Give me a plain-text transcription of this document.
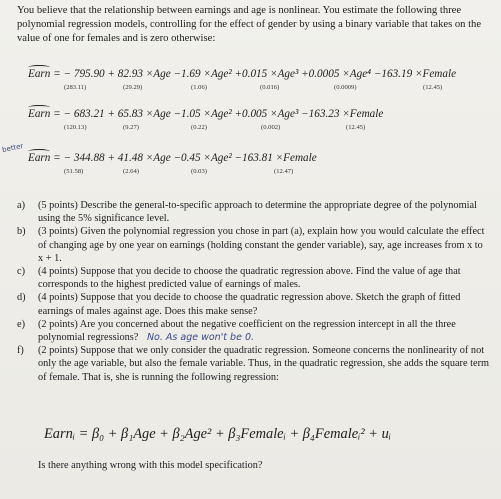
You believe that the relationship between earnings and age is nonlinear. You estimate the following three polynomial regression models, controlling for the effect of gender by using a binary variable that takes on the value of one for females and is zero otherwise:
Earn = − 795.90 + 82.93 ×Age −1.69 ×Age² +0.015 ×Age³ +0.0005 ×Age⁴ −163.19 ×Female
(283.11)	(29.29)	(1.06)	(0.016)	(0.0009)	(12.45)
Earn = − 683.21 + 65.83 ×Age −1.05 ×Age² +0.005 ×Age³ −163.23 ×Female
(120.13)	(9.27)	(0.22)	(0.002)	(12.45)
better
Earn = − 344.88 + 41.48 ×Age −0.45 ×Age² −163.81 ×Female
(51.58)	(2.64)	(0.03)	(12.47)
a) (5 points) Describe the general-to-specific approach to determine the appropriate degree of the polynomial using the 5% significance level.
b) (3 points) Given the polynomial regression you chose in part (a), explain how you would calculate the effect of changing age by one year on earnings (holding constant the gender variable), say, age increases from x to x + 1.
c) (4 points) Suppose that you decide to choose the quadratic regression above. Find the value of age that corresponds to the highest predicted value of earnings of males.
d) (4 points) Suppose that you decide to choose the quadratic regression above. Sketch the graph of fitted earnings of males against age. Does this make sense?
e) (2 points) Are you concerned about the negative coefficient on the regression intercept in all the three polynomial regressions? No. As age won't be 0.
f) (2 points) Suppose that we only consider the quadratic regression. Someone concerns the nonlinearity of not only the age variable, but also the female variable. Thus, in the quadratic regression, she adds the square term of female. That is, she is running the following regression:
Earnᵢ = β₀ + β₁Age + β₂Age² + β₃Femaleᵢ + β₄Femaleᵢ² + uᵢ
Is there anything wrong with this model specification?
